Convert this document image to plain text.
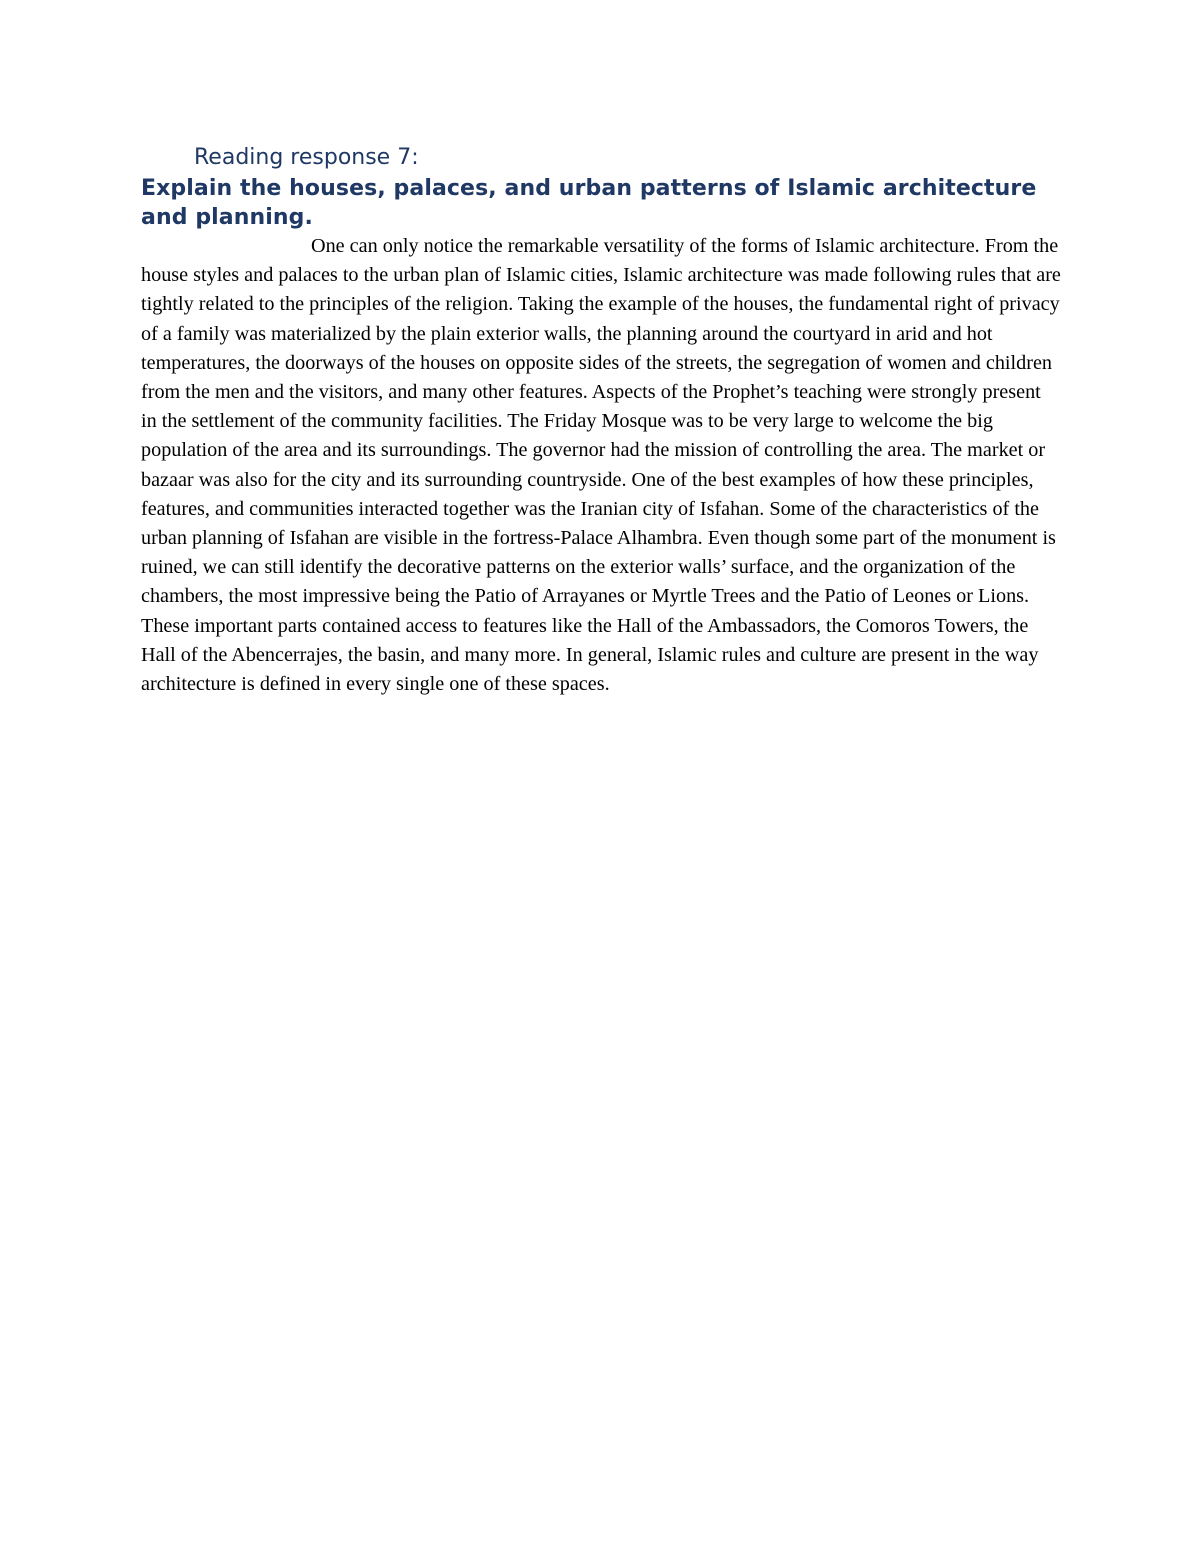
Reading response 7:

Explain the houses, palaces, and urban patterns of Islamic architecture and planning.

One can only notice the remarkable versatility of the forms of Islamic architecture. From the house styles and palaces to the urban plan of Islamic cities, Islamic architecture was made following rules that are tightly related to the principles of the religion. Taking the example of the houses, the fundamental right of privacy of a family was materialized by the plain exterior walls, the planning around the courtyard in arid and hot temperatures, the doorways of the houses on opposite sides of the streets, the segregation of women and children from the men and the visitors, and many other features. Aspects of the Prophet’s teaching were strongly present in the settlement of the community facilities. The Friday Mosque was to be very large to welcome the big population of the area and its surroundings. The governor had the mission of controlling the area. The market or bazaar was also for the city and its surrounding countryside. One of the best examples of how these principles, features, and communities interacted together was the Iranian city of Isfahan. Some of the characteristics of the urban planning of Isfahan are visible in the fortress-Palace Alhambra. Even though some part of the monument is ruined, we can still identify the decorative patterns on the exterior walls’ surface, and the organization of the chambers, the most impressive being the Patio of Arrayanes or Myrtle Trees and the Patio of Leones or Lions. These important parts contained access to features like the Hall of the Ambassadors, the Comoros Towers, the Hall of the Abencerrajes, the basin, and many more. In general, Islamic rules and culture are present in the way architecture is defined in every single one of these spaces.
